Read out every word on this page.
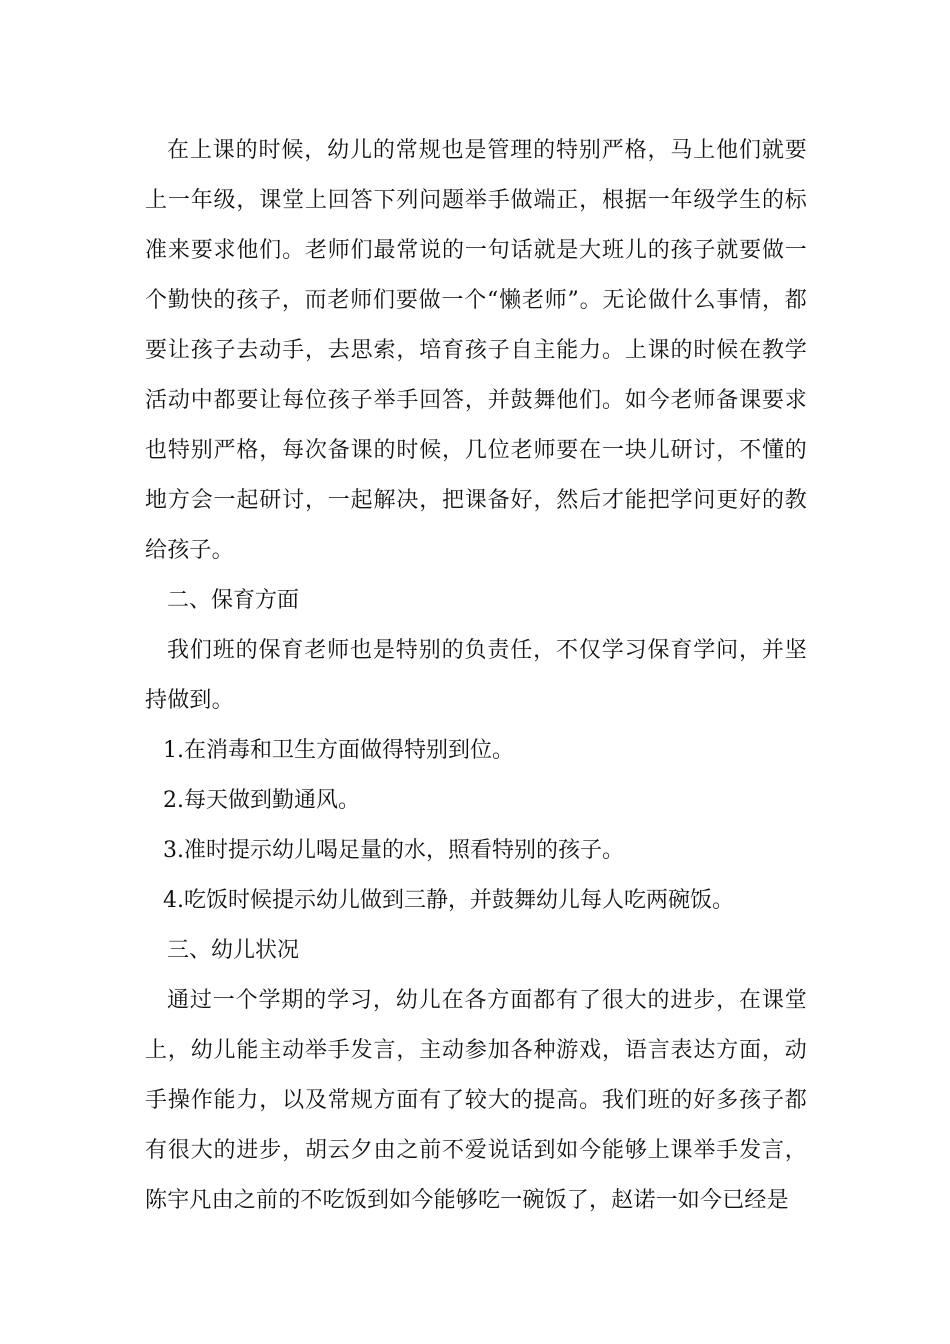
在上课的时候，幼儿的常规也是管理的特别严格，马上他们就要上一年级，课堂上回答下列问题举手做端正，根据一年级学生的标准来要求他们。老师们最常说的一句话就是大班儿的孩子就要做一个勤快的孩子，而老师们要做一个“懒老师”。无论做什么事情，都要让孩子去动手，去思索，培育孩子自主能力。上课的时候在教学活动中都要让每位孩子举手回答，并鼓舞他们。如今老师备课要求也特别严格，每次备课的时候，几位老师要在一块儿研讨，不懂的地方会一起研讨，一起解决，把课备好，然后才能把学问更好的教给孩子。

二、保育方面

我们班的保育老师也是特别的负责任，不仅学习保育学问，并坚持做到。

1.在消毒和卫生方面做得特别到位。

2.每天做到勤通风。

3.准时提示幼儿喝足量的水，照看特别的孩子。

4.吃饭时候提示幼儿做到三静，并鼓舞幼儿每人吃两碗饭。

三、幼儿状况

通过一个学期的学习，幼儿在各方面都有了很大的进步，在课堂上，幼儿能主动举手发言，主动参加各种游戏，语言表达方面，动手操作能力，以及常规方面有了较大的提高。我们班的好多孩子都有很大的进步，胡云夕由之前不爱说话到如今能够上课举手发言，陈宇凡由之前的不吃饭到如今能够吃一碗饭了，赵诺一如今已经是
